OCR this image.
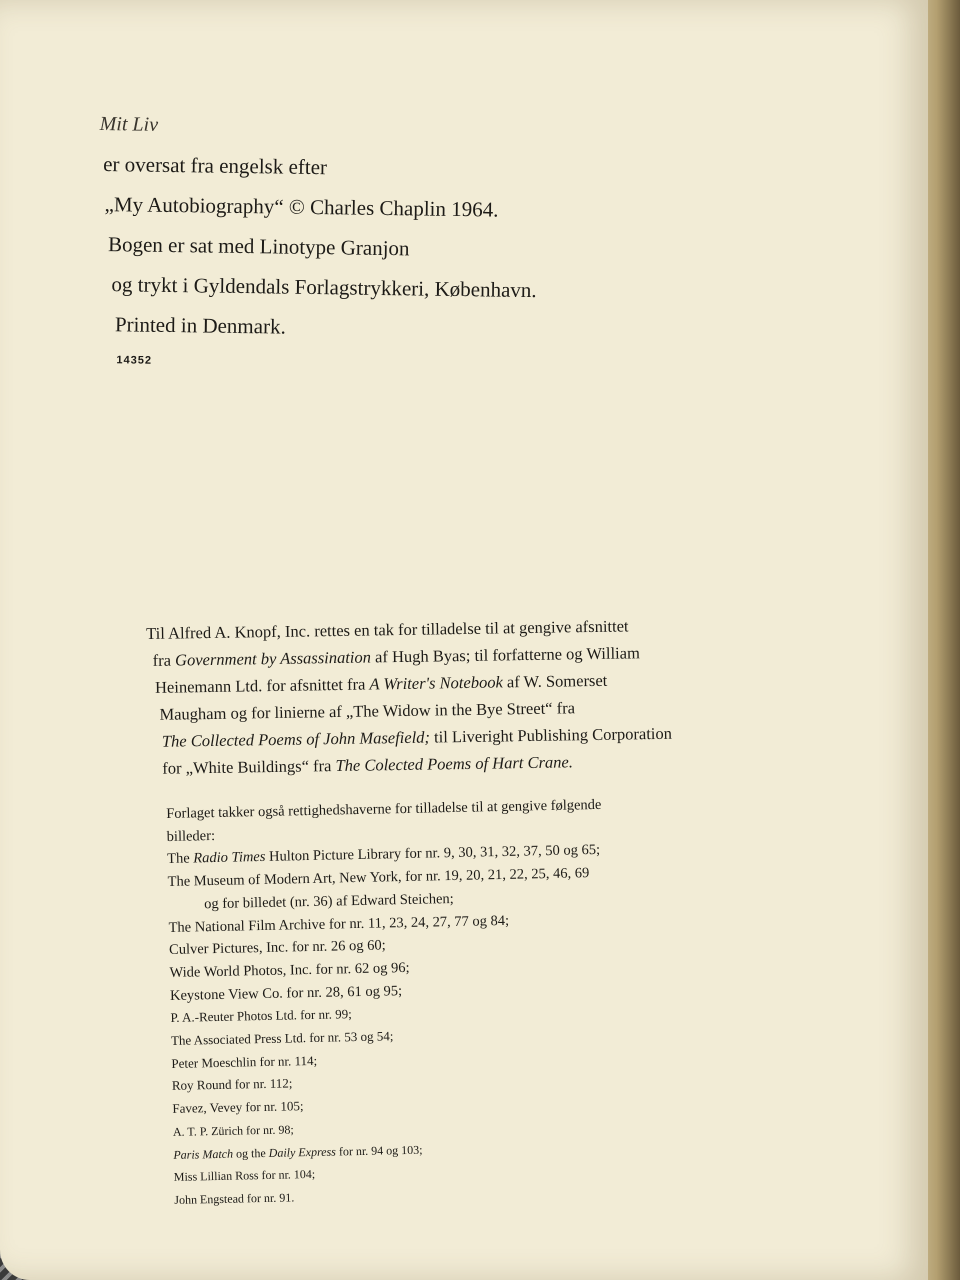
Mit Liv
er oversat fra engelsk efter
„My Autobiography“ © Charles Chaplin 1964.
Bogen er sat med Linotype Granjon
og trykt i Gyldendals Forlagstrykkeri, København.
Printed in Denmark.
14352
Til Alfred A. Knopf, Inc. rettes en tak for tilladelse til at gengive afsnittet
fra Government by Assassination af Hugh Byas; til forfatterne og William
Heinemann Ltd. for afsnittet fra A Writer's Notebook af W. Somerset
Maugham og for linierne af „The Widow in the Bye Street“ fra
The Collected Poems of John Masefield; til Liveright Publishing Corporation
for „White Buildings“ fra The Colected Poems of Hart Crane.
Forlaget takker også rettighedshaverne for tilladelse til at gengive følgende
billeder:
The Radio Times Hulton Picture Library for nr. 9, 30, 31, 32, 37, 50 og 65;
The Museum of Modern Art, New York, for nr. 19, 20, 21, 22, 25, 46, 69
og for billedet (nr. 36) af Edward Steichen;
The National Film Archive for nr. 11, 23, 24, 27, 77 og 84;
Culver Pictures, Inc. for nr. 26 og 60;
Wide World Photos, Inc. for nr. 62 og 96;
Keystone View Co. for nr. 28, 61 og 95;
P. A.-Reuter Photos Ltd. for nr. 99;
The Associated Press Ltd. for nr. 53 og 54;
Peter Moeschlin for nr. 114;
Roy Round for nr. 112;
Favez, Vevey for nr. 105;
A. T. P. Zürich for nr. 98;
Paris Match og the Daily Express for nr. 94 og 103;
Miss Lillian Ross for nr. 104;
John Engstead for nr. 91.
